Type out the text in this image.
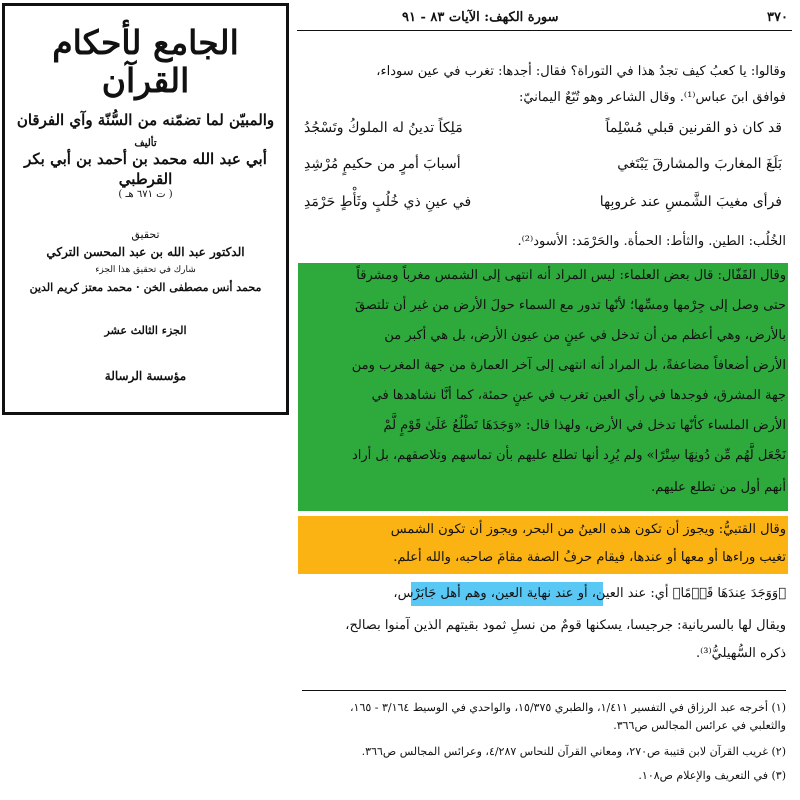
الجامع لأحكام القرآن
والمبيّن لما تضمّنه من السُّنّة وآي الفرقان
تأليف
أبي عبد الله محمد بن أحمد بن أبي بكر القرطبي
( ت ٦٧١ هـ )
تحقيق
الدكتور عبد الله بن عبد المحسن التركي
شارك في تحقيق هذا الجزء
محمد أنس مصطفى الخن · محمد معتز كريم الدين
الجزء الثالث عشر
مؤسسة الرسالة
٣٧٠
سورة الكهف: الآيات ٨٣ - ٩١
وقالوا: يا كعبُ كيف تجدُ هذا في التوراة؟ فقال: أجدها: تغرب في عين سوداء،
فوافق ابنَ عباس⁽¹⁾. وقال الشاعر وهو تُبّعٌ اليمانيّ:
قد كان ذو القرنين قبلي مُسْلِماً
مَلِكاً تدينُ له الملوكُ وتَسْجُدُ
بَلَغَ المغاربَ والمشارقَ يَبْتَغي
أسبابَ أمرٍ من حكيمٍ مُرْشِدِ
فرأى مغيبَ الشَّمسِ عند غروبِها
في عينِ ذي خُلُبٍ وثَأْطٍ حَرْمَدِ
الخُلُب: الطين. والثأط: الحمأة. والحَرْمَد: الأسود⁽²⁾.
وقال القَفّال: قال بعض العلماء: ليس المراد أنه انتهى إلى الشمس مغرباً ومشرقاً
حتى وصل إلى جِرْمها ومسِّها؛ لأنّها تدور مع السماء حولَ الأرض من غير أن تلتصقَ
بالأرض، وهي أعظم من أن تدخل في عينٍ من عيون الأرض، بل هي أكبر من
الأرض أضعافاً مضاعفةً، بل المراد أنه انتهى إلى آخر العمارة من جهة المغرب ومن
جهة المشرق، فوجدها في رأي العين تغرب في عينٍ حمئة، كما أنَّا نشاهدها في
الأرض الملساء كأنّها تدخل في الأرض، ولهذا قال: «وَجَدَهَا تَطْلُعُ عَلَىٰ قَوْمٍ لَّمْ
نَجْعَل لَّهُم مِّن دُونِهَا سِتْرًا» ولم يُرِد أنها تطلع عليهم بأن تماسهم وتلاصقهم، بل أراد
أنهم أول من تطلع عليهم.
وقال القتبيُّ: ويجوز أن تكون هذه العينُ من البحر، ويجوز أن تكون الشمس
تغيب وراءها أو معها أو عندها، فيقام حرفُ الصفة مقامَ صاحبه، والله أعلم.
﴿وَوَجَدَ عِندَهَا قَوۡمًا﴾ أي: عند العين، أو عند نهاية العين، وهم أهل جَابَرْس،
ويقال لها بالسريانية: جرجيسا، يسكنها قومٌ من نسلِ ثمود بقيتهم الذين آمنوا بصالح،
ذكره السُّهيليُّ⁽³⁾.
(١) أخرجه عبد الرزاق في التفسير ١/٤١١، والطبري ١٥/٣٧٥، والواحدي في الوسيط ٣/١٦٤ - ١٦٥،
والثعلبي في عرائس المجالس ص٣٦٦.
(٢) غريب القرآن لابن قتيبة ص٢٧٠، ومعاني القرآن للنحاس ٤/٢٨٧، وعرائس المجالس ص٣٦٦.
(٣) في التعريف والإعلام ص١٠٨.
